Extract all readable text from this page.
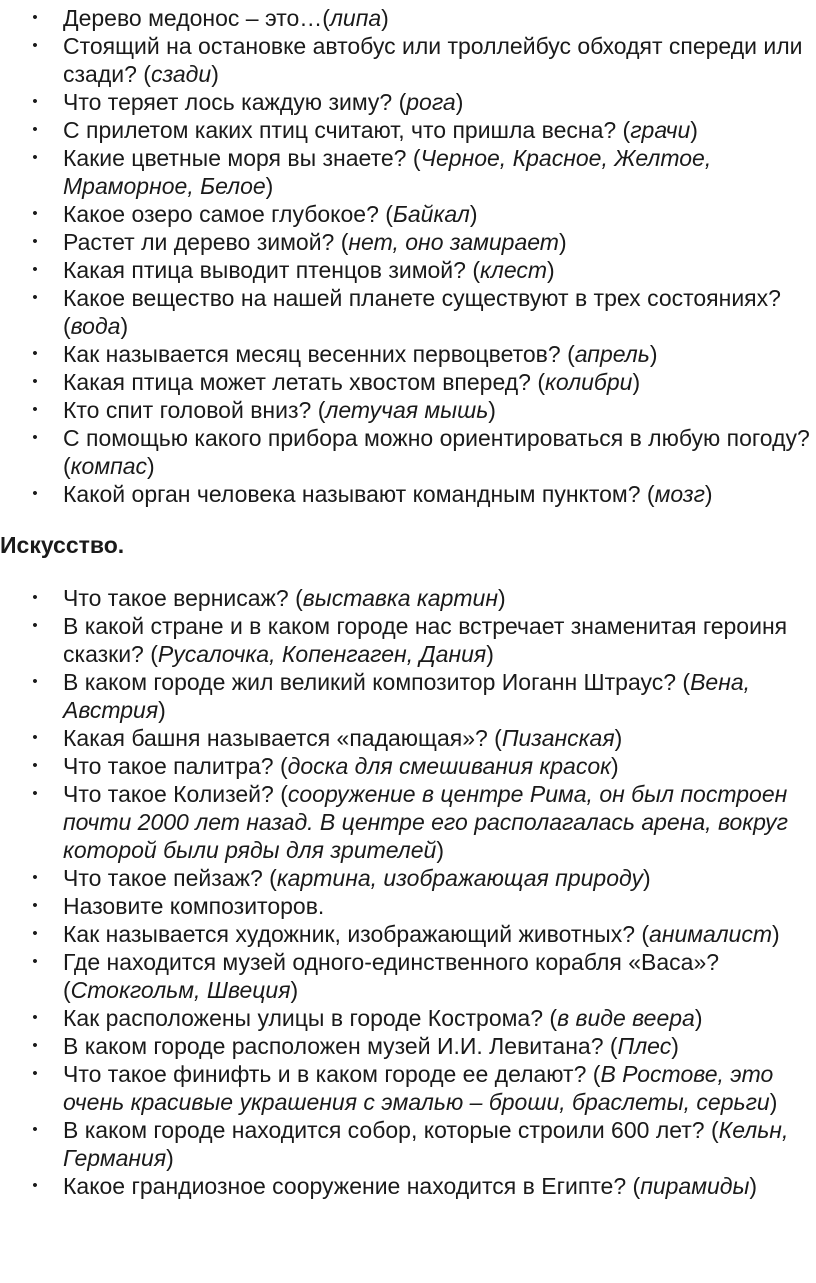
• Дерево медонос – это…(липа)
• Стоящий на остановке автобус или троллейбус обходят спереди или сзади? (сзади)
• Что теряет лось каждую зиму? (рога)
• С прилетом каких птиц считают, что пришла весна? (грачи)
• Какие цветные моря вы знаете? (Черное, Красное, Желтое, Мраморное, Белое)
• Какое озеро самое глубокое? (Байкал)
• Растет ли дерево зимой? (нет, оно замирает)
• Какая птица выводит птенцов зимой? (клест)
• Какое вещество на нашей планете существуют в трех состояниях? (вода)
• Как называется месяц весенних первоцветов? (апрель)
• Какая птица может летать хвостом вперед? (колибри)
• Кто спит головой вниз? (летучая мышь)
• С помощью какого прибора можно ориентироваться в любую погоду? (компас)
• Какой орган человека называют командным пунктом? (мозг)
Искусство.
• Что такое вернисаж? (выставка картин)
• В какой стране и в каком городе нас встречает знаменитая героиня сказки? (Русалочка, Копенгаген, Дания)
• В каком городе жил великий композитор Иоганн Штраус? (Вена, Австрия)
• Какая башня называется «падающая»? (Пизанская)
• Что такое палитра? (доска для смешивания красок)
• Что такое Колизей? (сооружение в центре Рима, он был построен почти 2000 лет назад. В центре его располагалась арена, вокруг которой были ряды для зрителей)
• Что такое пейзаж? (картина, изображающая природу)
• Назовите композиторов.
• Как называется художник, изображающий животных? (анималист)
• Где находится музей одного-единственного корабля «Васа»? (Стокгольм, Швеция)
• Как расположены улицы в городе Кострома? (в виде веера)
• В каком городе расположен музей И.И. Левитана? (Плес)
• Что такое финифть и в каком городе ее делают? (В Ростове, это очень красивые украшения с эмалью – броши, браслеты, серьги)
• В каком городе находится собор, которые строили 600 лет? (Кельн, Германия)
• Какое грандиозное сооружение находится в Египте? (пирамиды)
